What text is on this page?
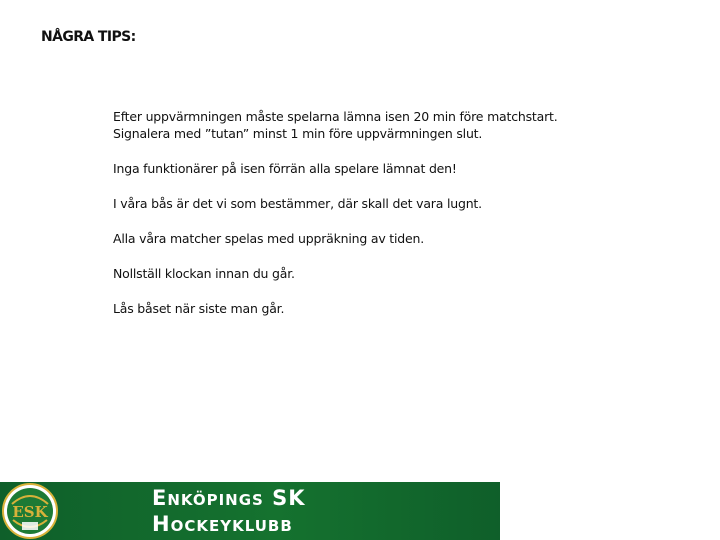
NÅGRA TIPS:
Efter uppvärmningen måste spelarna lämna isen 20 min före matchstart.
Signalera med ”tutan” minst 1 min före uppvärmningen slut.
Inga funktionärer på isen förrän alla spelare lämnat den!
I våra bås är det vi som bestämmer, där skall det vara lugnt.
Alla våra matcher spelas med uppräkning av tiden.
Nollställ klockan innan du går.
Lås båset när siste man går.
ESK
Enköpings SK
Hockeyklubb
